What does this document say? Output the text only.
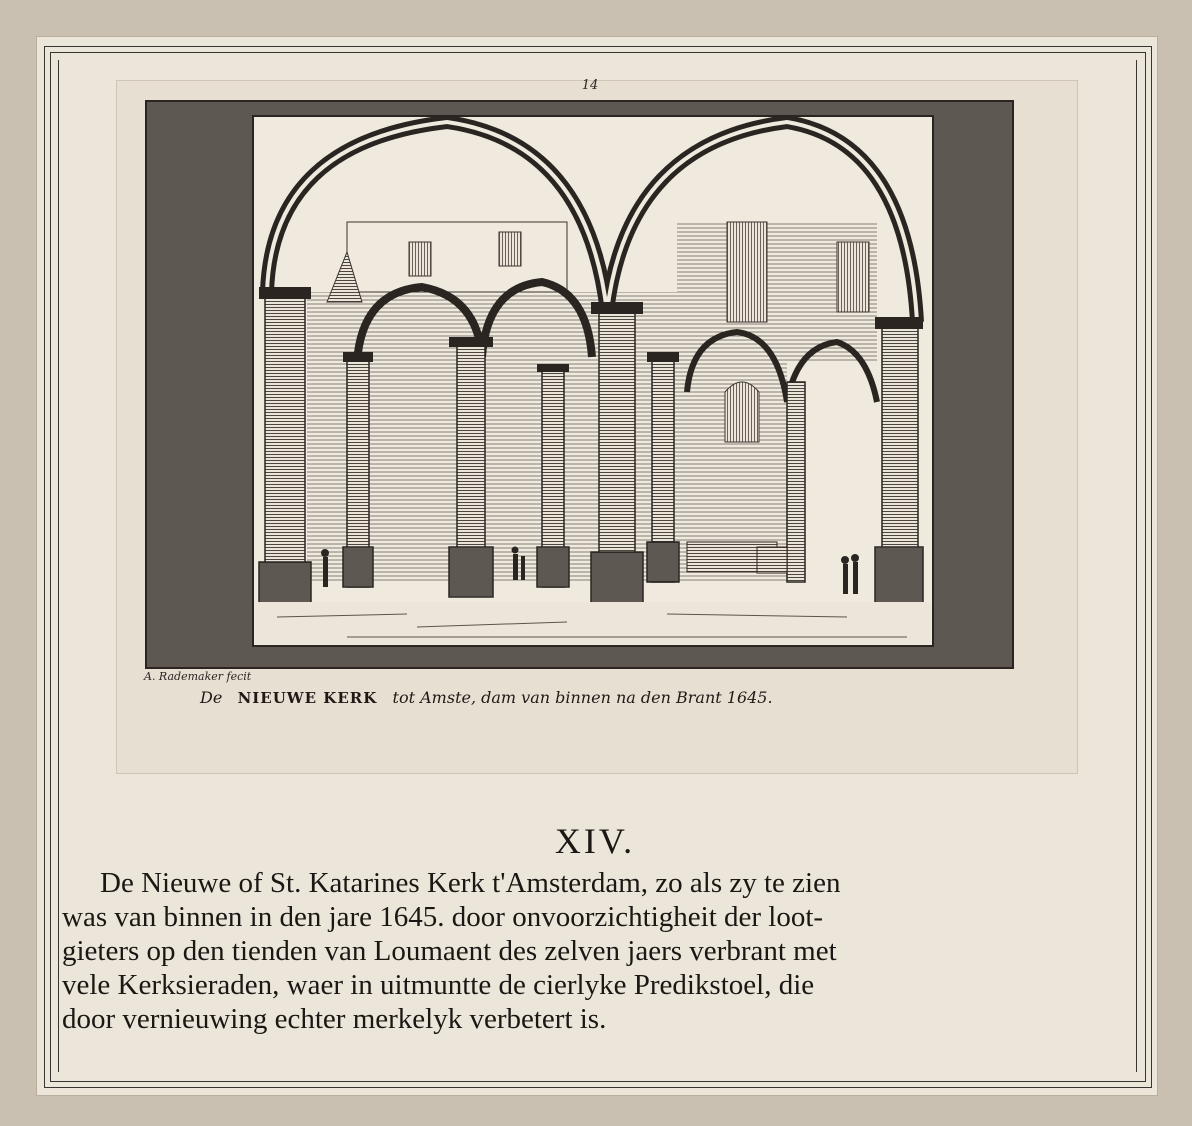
14
A. Rademaker fecit
De NIEUWE KERK tot Amste, dam van binnen na den Brant 1645.
XIV.
De Nieuwe of St. Katarines Kerk t'Amsterdam, zo als zy te zien
was van binnen in den jare 1645. door onvoorzichtigheit der loot-
gieters op den tienden van Loumaent des zelven jaers verbrant met
vele Kerksieraden, waer in uitmuntte de cierlyke Predikstoel, die
door vernieuwing echter merkelyk verbetert is.
